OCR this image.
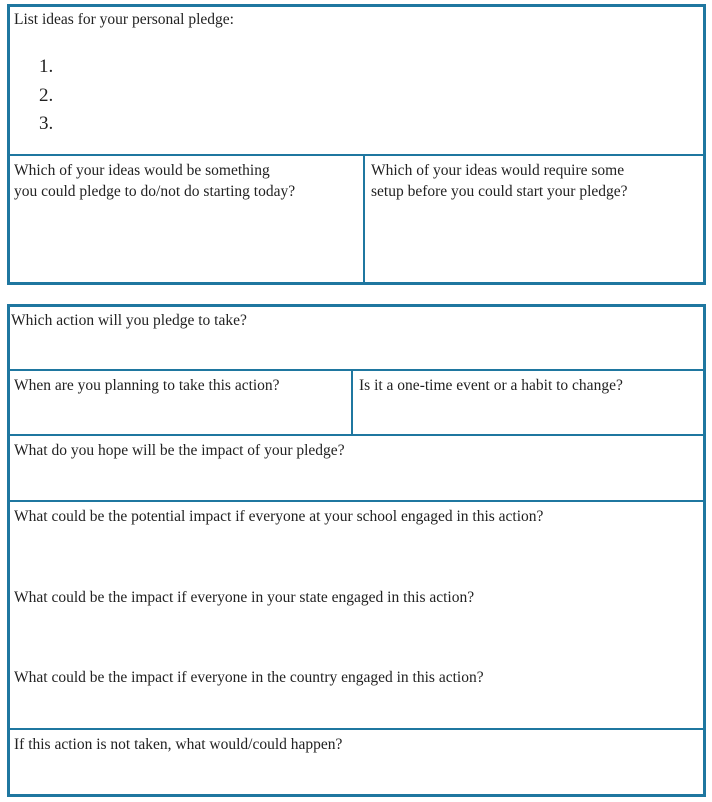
List ideas for your personal pledge:
1.
2.
3.
Which of your ideas would be something
you could pledge to do/not do starting today?
Which of your ideas would require some
setup before you could start your pledge?
Which action will you pledge to take?
When are you planning to take this action?	Is it a one-time event or a habit to change?
What do you hope will be the impact of your pledge?
What could be the potential impact if everyone at your school engaged in this action?
What could be the impact if everyone in your state engaged in this action?
What could be the impact if everyone in the country engaged in this action?
If this action is not taken, what would/could happen?
